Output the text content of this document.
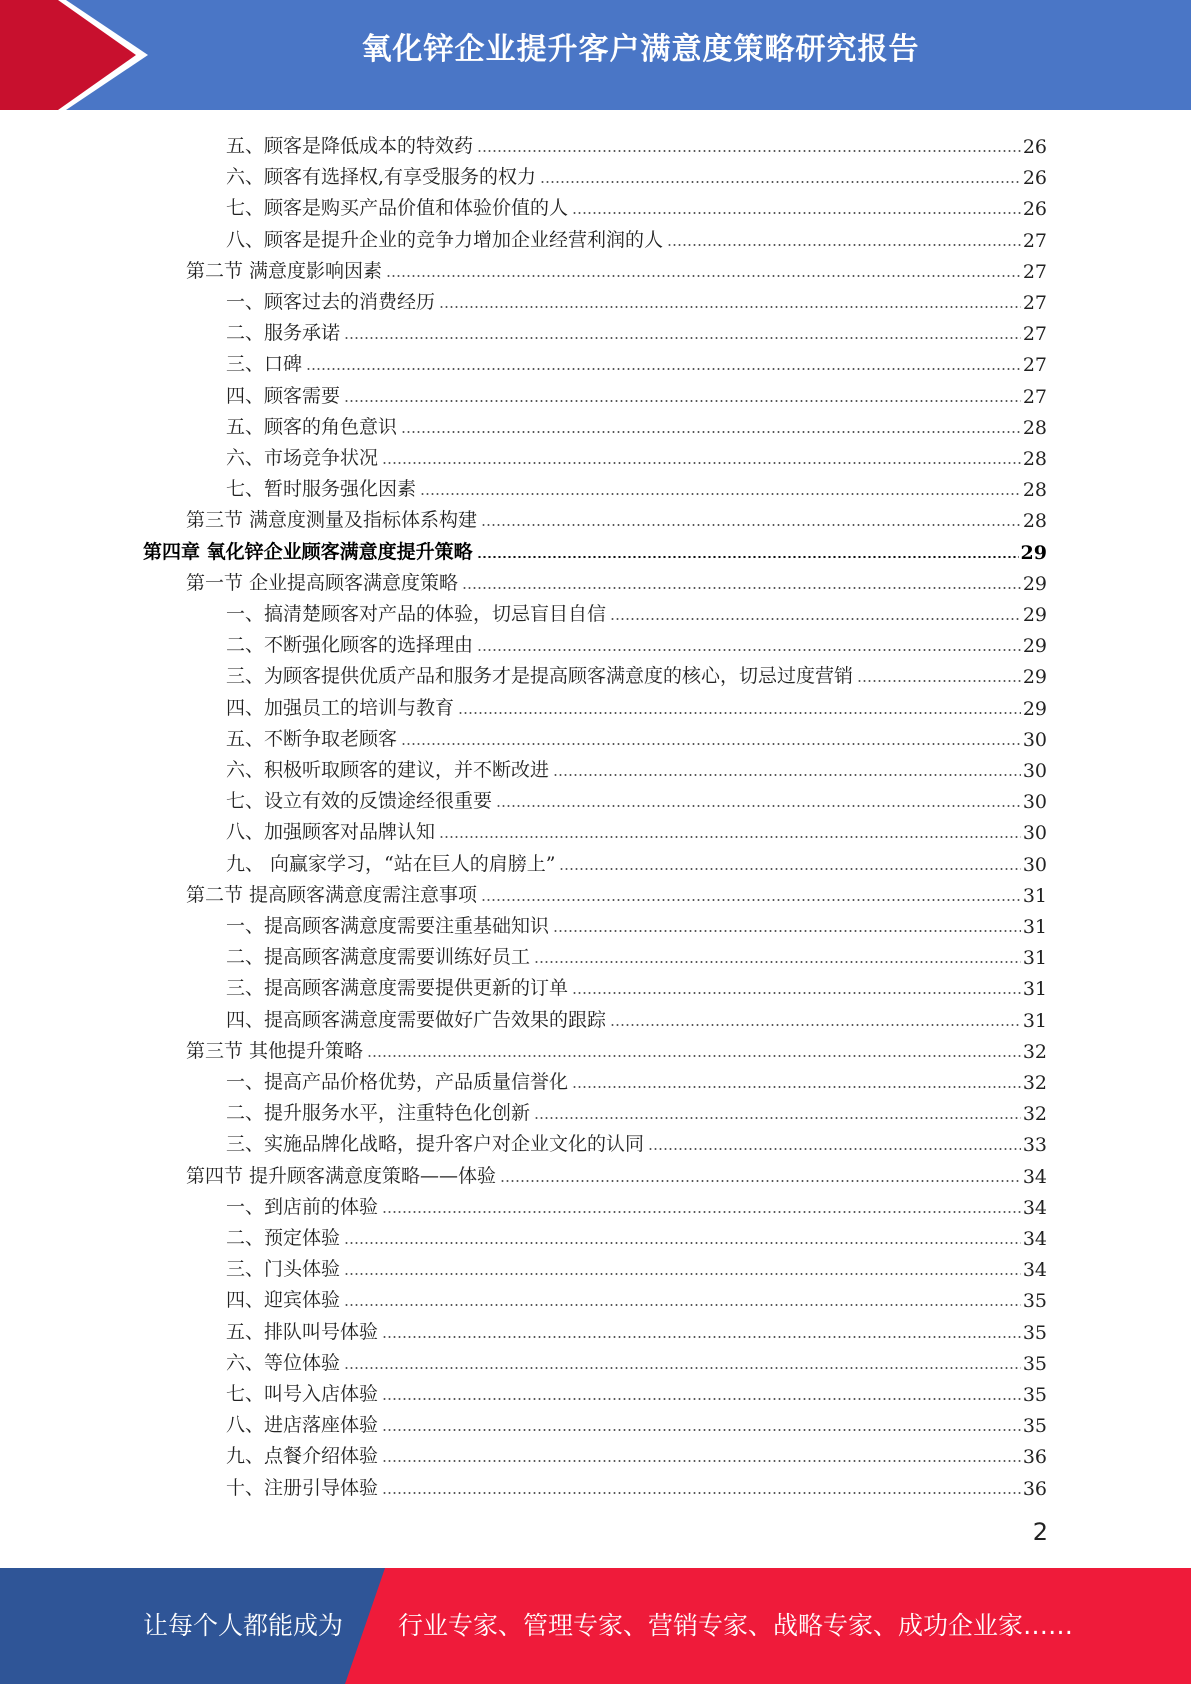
氧化锌企业提升客户满意度策略研究报告
五、顾客是降低成本的特效药	26
六、顾客有选择权,有享受服务的权力	26
七、顾客是购买产品价值和体验价值的人	26
八、顾客是提升企业的竞争力增加企业经营利润的人	27
第二节 满意度影响因素	27
一、顾客过去的消费经历	27
二、服务承诺	27
三、口碑	27
四、顾客需要	27
五、顾客的角色意识	28
六、市场竞争状况	28
七、暂时服务强化因素	28
第三节 满意度测量及指标体系构建	28
第四章 氧化锌企业顾客满意度提升策略	29
第一节 企业提高顾客满意度策略	29
一、搞清楚顾客对产品的体验，切忌盲目自信	29
二、不断强化顾客的选择理由	29
三、为顾客提供优质产品和服务才是提高顾客满意度的核心，切忌过度营销	29
四、加强员工的培训与教育	29
五、不断争取老顾客	30
六、积极听取顾客的建议，并不断改进	30
七、设立有效的反馈途经很重要	30
八、加强顾客对品牌认知	30
九、 向赢家学习，“站在巨人的肩膀上”	30
第二节 提高顾客满意度需注意事项	31
一、提高顾客满意度需要注重基础知识	31
二、提高顾客满意度需要训练好员工	31
三、提高顾客满意度需要提供更新的订单	31
四、提高顾客满意度需要做好广告效果的跟踪	31
第三节 其他提升策略	32
一、提高产品价格优势，产品质量信誉化	32
二、提升服务水平，注重特色化创新	32
三、实施品牌化战略，提升客户对企业文化的认同	33
第四节 提升顾客满意度策略——体验	34
一、到店前的体验	34
二、预定体验	34
三、门头体验	34
四、迎宾体验	35
五、排队叫号体验	35
六、等位体验	35
七、叫号入店体验	35
八、进店落座体验	35
九、点餐介绍体验	36
十、注册引导体验	36
2
让每个人都能成为 行业专家、管理专家、营销专家、战略专家、成功企业家……
